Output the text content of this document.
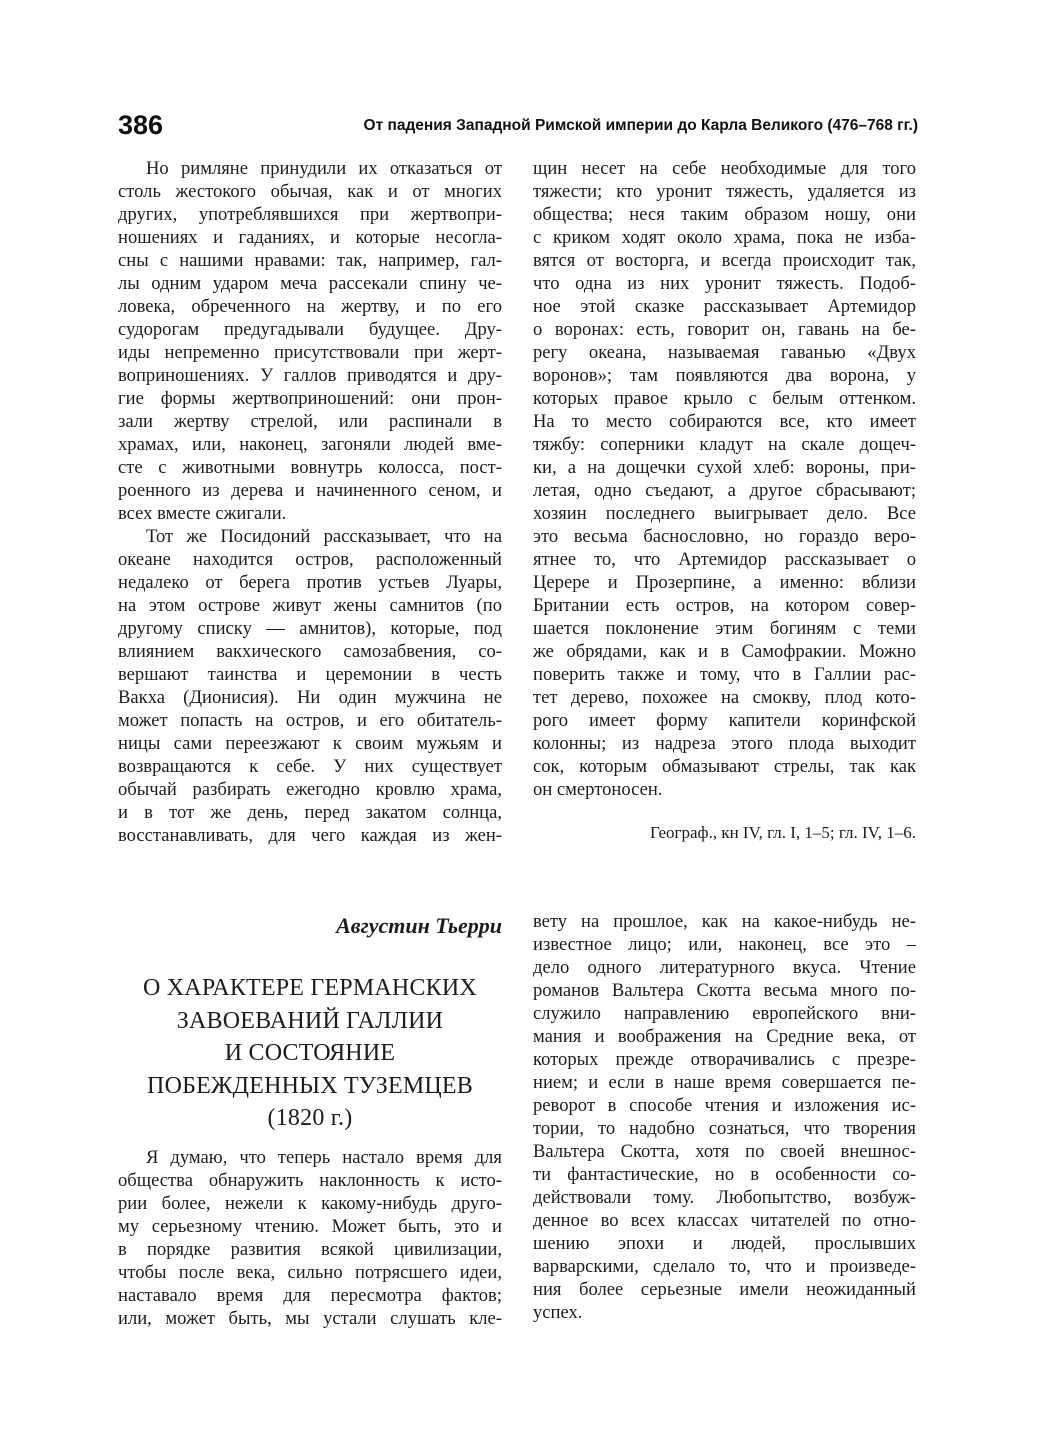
386	От падения Западной Римской империи до Карла Великого (476–768 гг.)
Но римляне принудили их отказаться от
столь жестокого обычая, как и от многих
других, употреблявшихся при жертвопри-
ношениях и гаданиях, и которые несогла-
сны с нашими нравами: так, например, гал-
лы одним ударом меча рассекали спину че-
ловека, обреченного на жертву, и по его
судорогам предугадывали будущее. Дру-
иды непременно присутствовали при жерт-
воприношениях. У галлов приводятся и дру-
гие формы жертвоприношений: они прон-
зали жертву стрелой, или распинали в
храмах, или, наконец, загоняли людей вме-
сте с животными вовнутрь колосса, пост-
роенного из дерева и начиненного сеном, и
всех вместе сжигали.
Тот же Посидоний рассказывает, что на
океане находится остров, расположенный
недалеко от берега против устьев Луары,
на этом острове живут жены самнитов (по
другому списку — амнитов), которые, под
влиянием вакхического самозабвения, со-
вершают таинства и церемонии в честь
Вакха (Дионисия). Ни один мужчина не
может попасть на остров, и его обитатель-
ницы сами переезжают к своим мужьям и
возвращаются к себе. У них существует
обычай разбирать ежегодно кровлю храма,
и в тот же день, перед закатом солнца,
восстанавливать, для чего каждая из жен-
щин несет на себе необходимые для того
тяжести; кто уронит тяжесть, удаляется из
общества; неся таким образом ношу, они
с криком ходят около храма, пока не изба-
вятся от восторга, и всегда происходит так,
что одна из них уронит тяжесть. Подоб-
ное этой сказке рассказывает Артемидор
о воронах: есть, говорит он, гавань на бе-
регу океана, называемая гаванью «Двух
воронов»; там появляются два ворона, у
которых правое крыло с белым оттенком.
На то место собираются все, кто имеет
тяжбу: соперники кладут на скале дощеч-
ки, а на дощечки сухой хлеб: вороны, при-
летая, одно съедают, а другое сбрасывают;
хозяин последнего выигрывает дело. Все
это весьма баснословно, но гораздо веро-
ятнее то, что Артемидор рассказывает о
Церере и Прозерпине, а именно: вблизи
Британии есть остров, на котором совер-
шается поклонение этим богиням с теми
же обрядами, как и в Самофракии. Можно
поверить также и тому, что в Галлии рас-
тет дерево, похожее на смокву, плод кото-
рого имеет форму капители коринфской
колонны; из надреза этого плода выходит
сок, которым обмазывают стрелы, так как
он смертоносен.
Географ., кн IV, гл. I, 1–5; гл. IV, 1–6.
Августин Тьерри
О ХАРАКТЕРЕ ГЕРМАНСКИХ
ЗАВОЕВАНИЙ ГАЛЛИИ
И СОСТОЯНИЕ
ПОБЕЖДЕННЫХ ТУЗЕМЦЕВ
(1820 г.)
Я думаю, что теперь настало время для
общества обнаружить наклонность к исто-
рии более, нежели к какому-нибудь друго-
му серьезному чтению. Может быть, это и
в порядке развития всякой цивилизации,
чтобы после века, сильно потрясшего идеи,
наставало время для пересмотра фактов;
или, может быть, мы устали слушать кле-
вету на прошлое, как на какое-нибудь не-
известное лицо; или, наконец, все это –
дело одного литературного вкуса. Чтение
романов Вальтера Скотта весьма много по-
служило направлению европейского вни-
мания и воображения на Средние века, от
которых прежде отворачивались с презре-
нием; и если в наше время совершается пе-
реворот в способе чтения и изложения ис-
тории, то надобно сознаться, что творения
Вальтера Скотта, хотя по своей внешнос-
ти фантастические, но в особенности со-
действовали тому. Любопытство, возбуж-
денное во всех классах читателей по отно-
шению эпохи и людей, прослывших
варварскими, сделало то, что и произведе-
ния более серьезные имели неожиданный
успех.
